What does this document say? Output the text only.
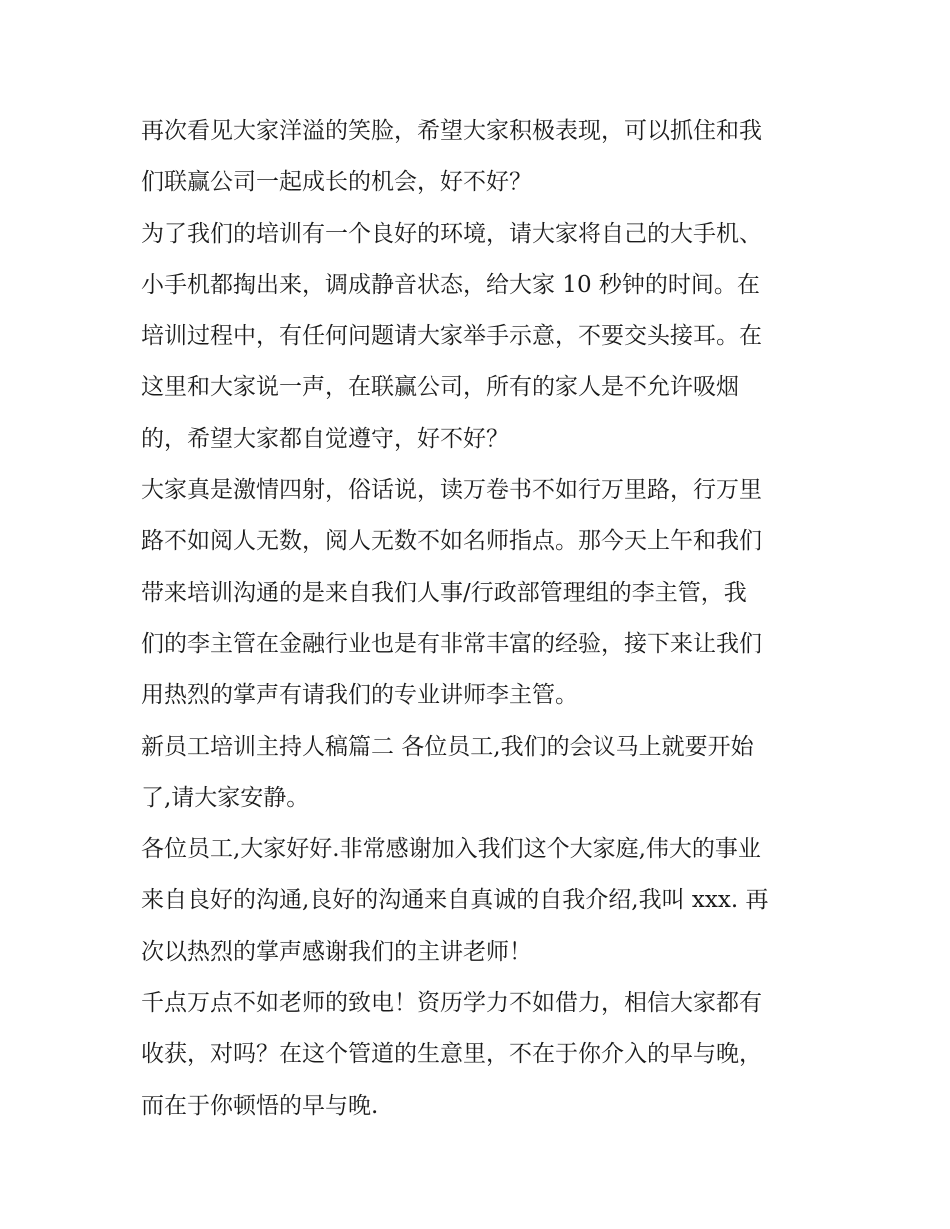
再次看见大家洋溢的笑脸，希望大家积极表现，可以抓住和我
们联赢公司一起成长的机会，好不好？
为了我们的培训有一个良好的环境，请大家将自己的大手机、
小手机都掏出来，调成静音状态，给大家 10 秒钟的时间。在
培训过程中，有任何问题请大家举手示意，不要交头接耳。在
这里和大家说一声，在联赢公司，所有的家人是不允许吸烟
的，希望大家都自觉遵守，好不好？
大家真是激情四射，俗话说，读万卷书不如行万里路，行万里
路不如阅人无数，阅人无数不如名师指点。那今天上午和我们
带来培训沟通的是来自我们人事/行政部管理组的李主管，我
们的李主管在金融行业也是有非常丰富的经验，接下来让我们
用热烈的掌声有请我们的专业讲师李主管。
新员工培训主持人稿篇二 各位员工,我们的会议马上就要开始
了,请大家安静。
各位员工,大家好好.非常感谢加入我们这个大家庭,伟大的事业
来自良好的沟通,良好的沟通来自真诚的自我介绍,我叫 xxx. 再
次以热烈的掌声感谢我们的主讲老师！
千点万点不如老师的致电！资历学力不如借力，相信大家都有
收获，对吗？在这个管道的生意里，不在于你介入的早与晚，
而在于你顿悟的早与晚.
